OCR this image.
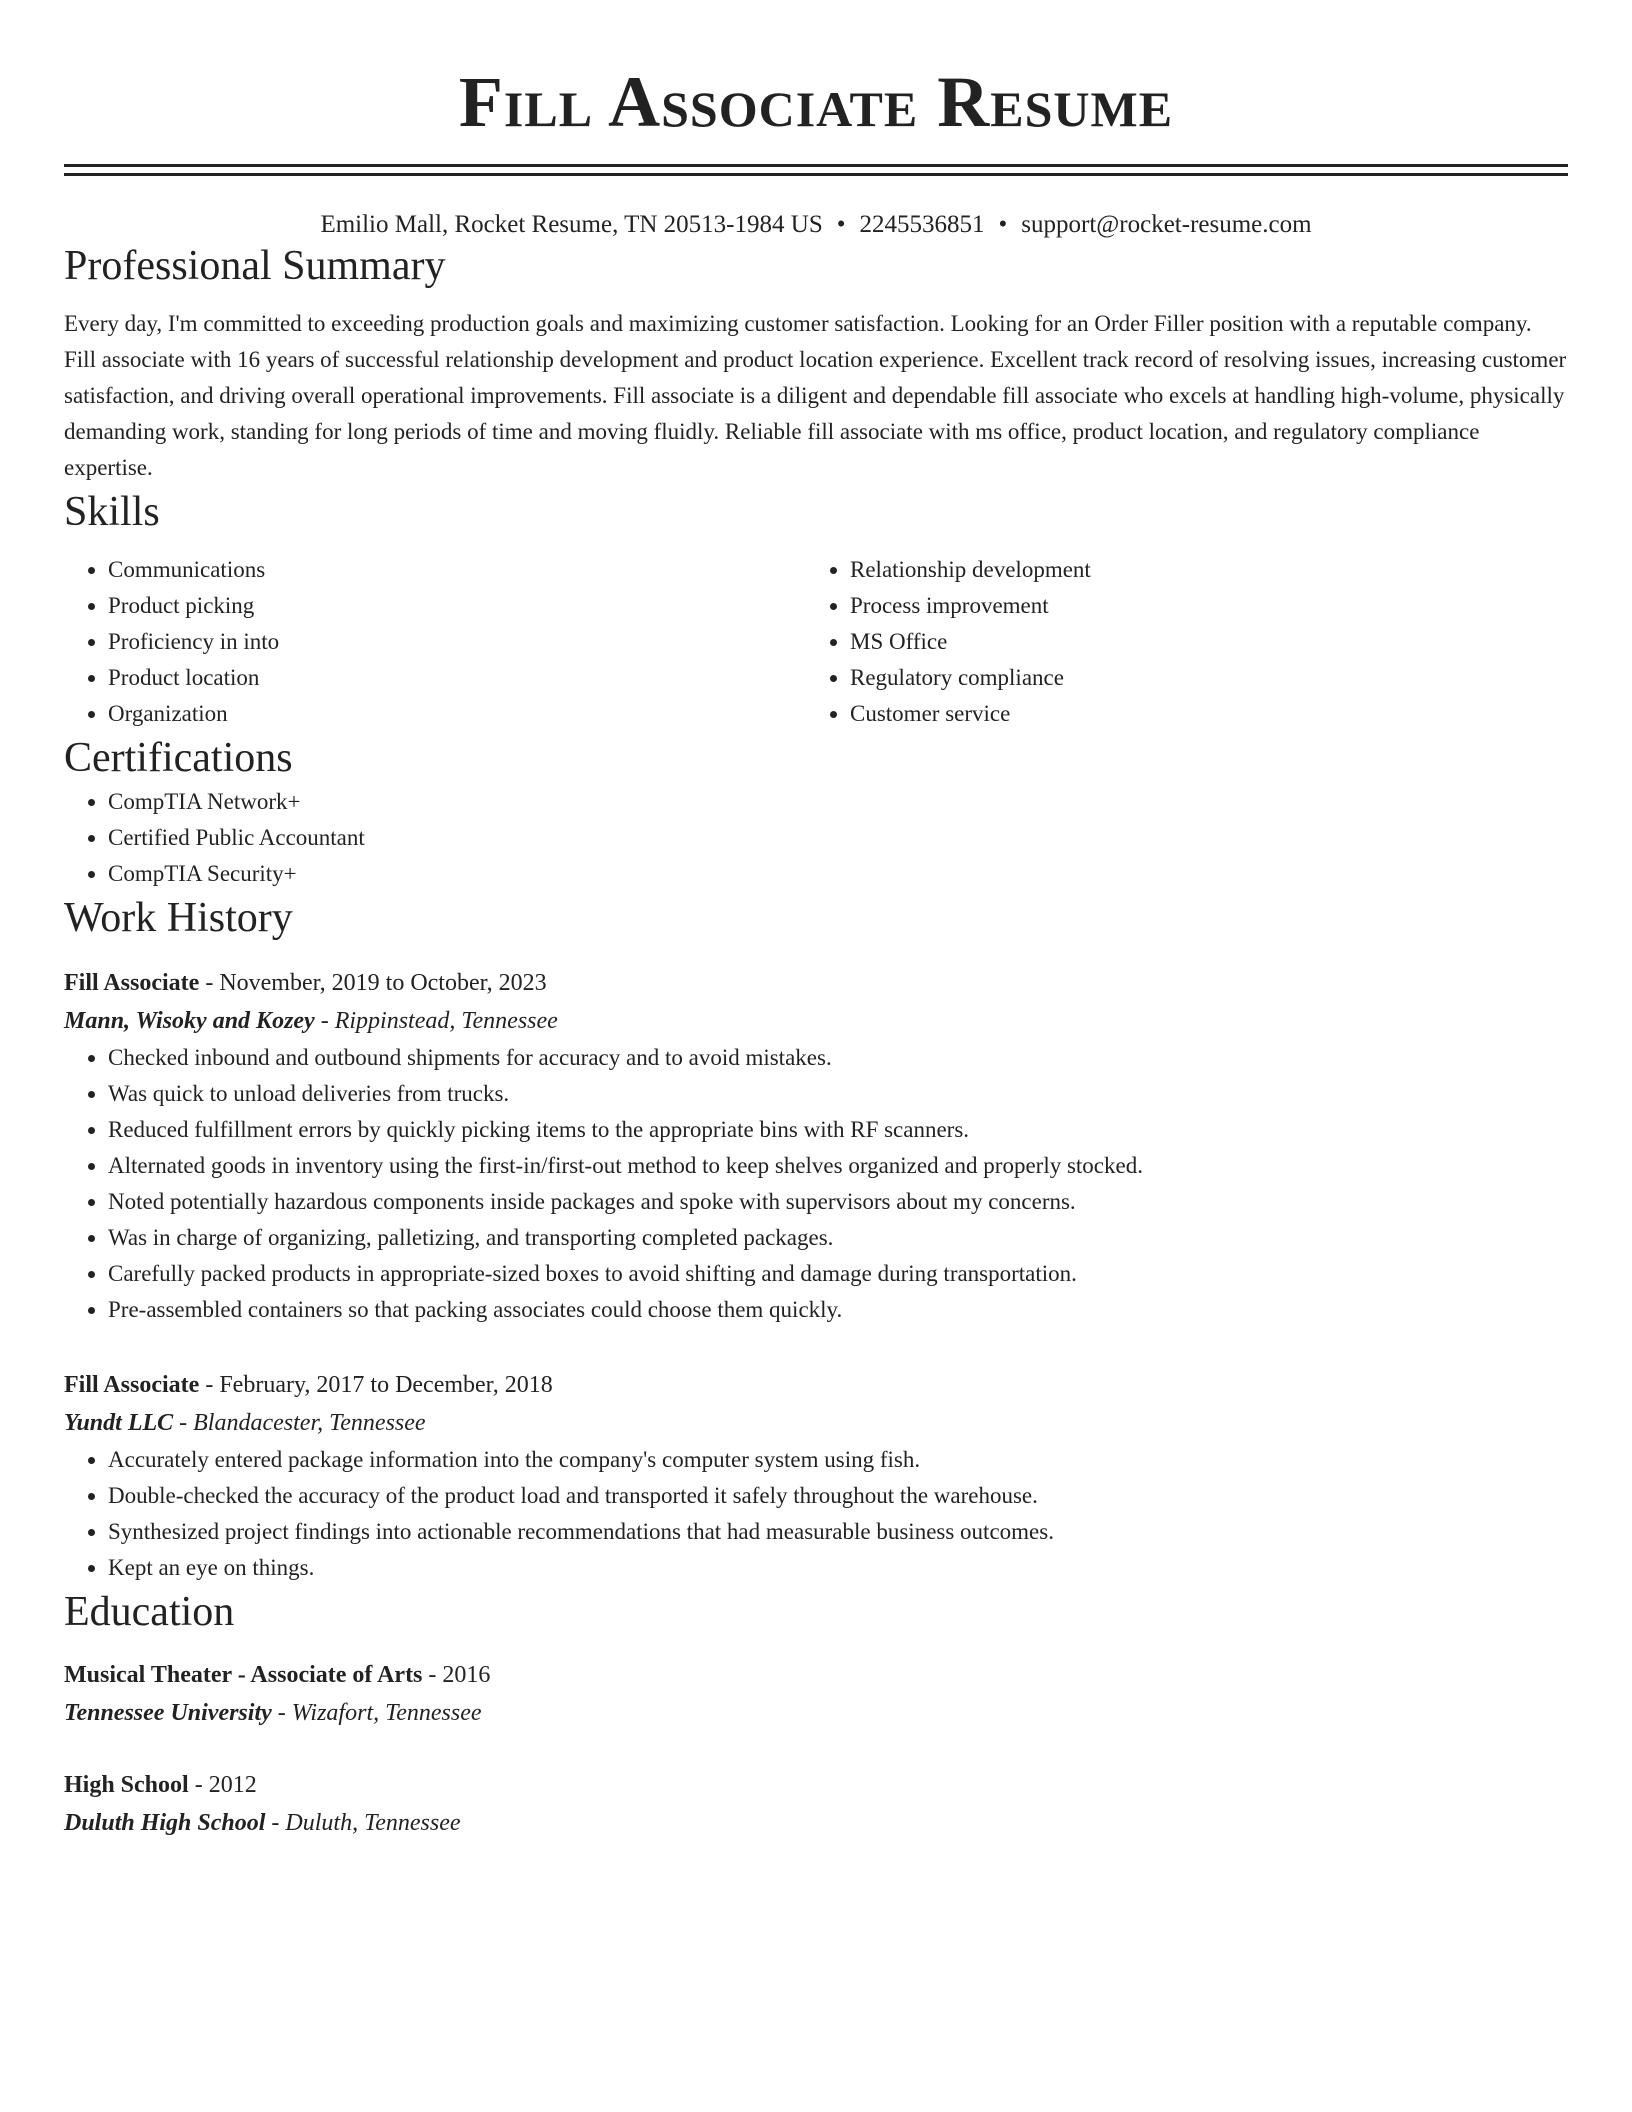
Fill Associate Resume
Emilio Mall, Rocket Resume, TN 20513-1984 US • 2245536851 • support@rocket-resume.com
Professional Summary
Every day, I'm committed to exceeding production goals and maximizing customer satisfaction. Looking for an Order Filler position with a reputable company. Fill associate with 16 years of successful relationship development and product location experience. Excellent track record of resolving issues, increasing customer satisfaction, and driving overall operational improvements. Fill associate is a diligent and dependable fill associate who excels at handling high-volume, physically demanding work, standing for long periods of time and moving fluidly. Reliable fill associate with ms office, product location, and regulatory compliance expertise.
Skills
• Communications
• Product picking
• Proficiency in into
• Product location
• Organization
• Relationship development
• Process improvement
• MS Office
• Regulatory compliance
• Customer service
Certifications
• CompTIA Network+
• Certified Public Accountant
• CompTIA Security+
Work History
Fill Associate - November, 2019 to October, 2023
Mann, Wisoky and Kozey - Rippinstead, Tennessee
• Checked inbound and outbound shipments for accuracy and to avoid mistakes.
• Was quick to unload deliveries from trucks.
• Reduced fulfillment errors by quickly picking items to the appropriate bins with RF scanners.
• Alternated goods in inventory using the first-in/first-out method to keep shelves organized and properly stocked.
• Noted potentially hazardous components inside packages and spoke with supervisors about my concerns.
• Was in charge of organizing, palletizing, and transporting completed packages.
• Carefully packed products in appropriate-sized boxes to avoid shifting and damage during transportation.
• Pre-assembled containers so that packing associates could choose them quickly.
Fill Associate - February, 2017 to December, 2018
Yundt LLC - Blandacester, Tennessee
• Accurately entered package information into the company's computer system using fish.
• Double-checked the accuracy of the product load and transported it safely throughout the warehouse.
• Synthesized project findings into actionable recommendations that had measurable business outcomes.
• Kept an eye on things.
Education
Musical Theater - Associate of Arts - 2016
Tennessee University - Wizafort, Tennessee
High School - 2012
Duluth High School - Duluth, Tennessee
